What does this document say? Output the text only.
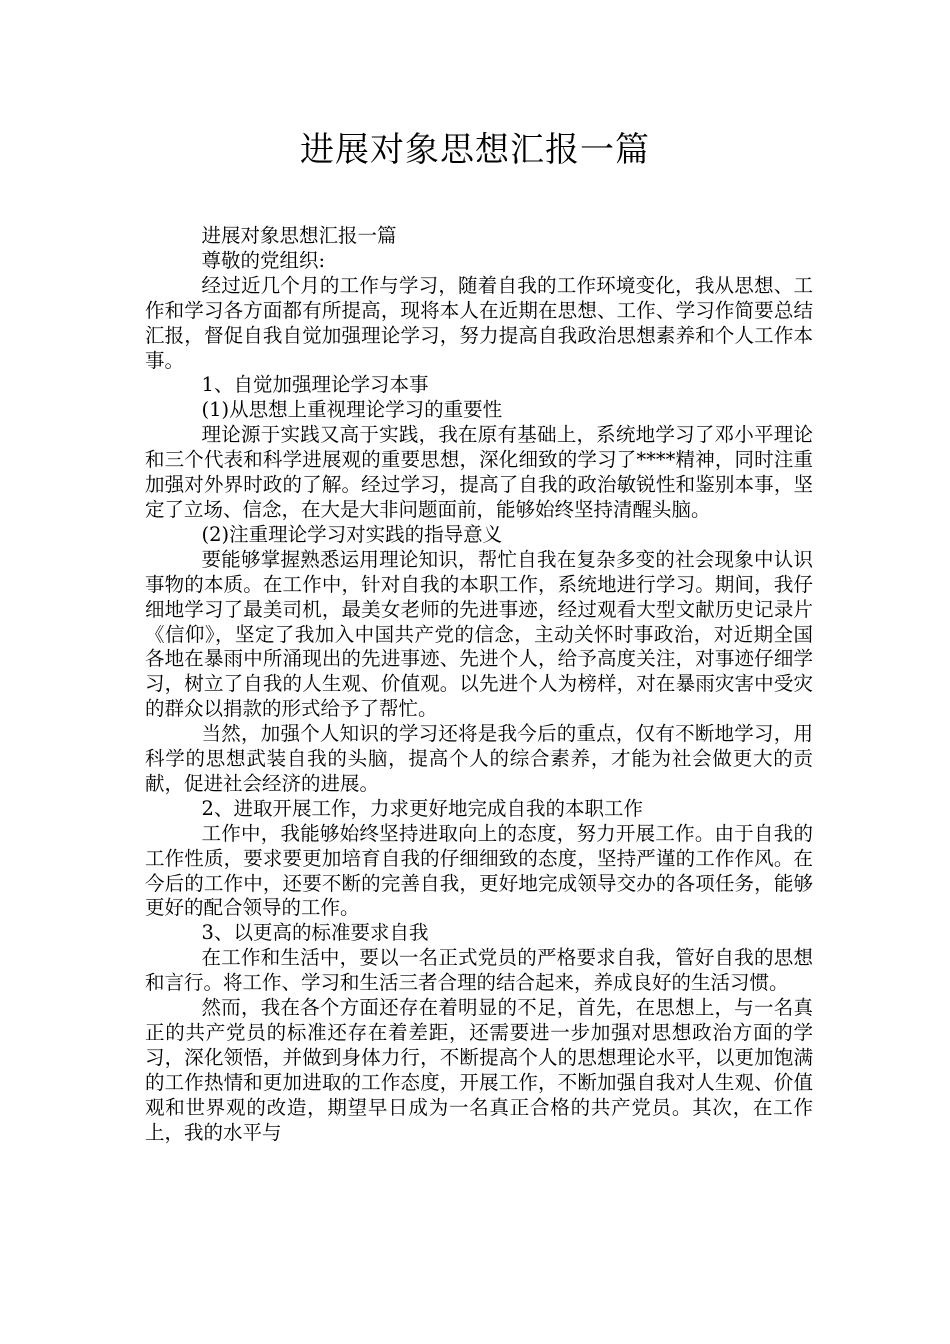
进展对象思想汇报一篇

进展对象思想汇报一篇

尊敬的党组织:

经过近几个月的工作与学习，随着自我的工作环境变化，我从思想、工作和学习各方面都有所提高，现将本人在近期在思想、工作、学习作简要总结汇报，督促自我自觉加强理论学习，努力提高自我政治思想素养和个人工作本事。

1、自觉加强理论学习本事

(1)从思想上重视理论学习的重要性

理论源于实践又高于实践，我在原有基础上，系统地学习了邓小平理论和三个代表和科学进展观的重要思想，深化细致的学习了****精神，同时注重加强对外界时政的了解。经过学习，提高了自我的政治敏锐性和鉴别本事，坚定了立场、信念，在大是大非问题面前，能够始终坚持清醒头脑。

(2)注重理论学习对实践的指导意义

要能够掌握熟悉运用理论知识，帮忙自我在复杂多变的社会现象中认识事物的本质。在工作中，针对自我的本职工作，系统地进行学习。期间，我仔细地学习了最美司机，最美女老师的先进事迹，经过观看大型文献历史记录片《信仰》，坚定了我加入中国共产党的信念，主动关怀时事政治，对近期全国各地在暴雨中所涌现出的先进事迹、先进个人，给予高度关注，对事迹仔细学习，树立了自我的人生观、价值观。以先进个人为榜样，对在暴雨灾害中受灾的群众以捐款的形式给予了帮忙。

当然，加强个人知识的学习还将是我今后的重点，仅有不断地学习，用科学的思想武装自我的头脑，提高个人的综合素养，才能为社会做更大的贡献，促进社会经济的进展。

2、进取开展工作，力求更好地完成自我的本职工作

工作中，我能够始终坚持进取向上的态度，努力开展工作。由于自我的工作性质，要求要更加培育自我的仔细细致的态度，坚持严谨的工作作风。在今后的工作中，还要不断的完善自我，更好地完成领导交办的各项任务，能够更好的配合领导的工作。

3、以更高的标准要求自我

在工作和生活中，要以一名正式党员的严格要求自我，管好自我的思想和言行。将工作、学习和生活三者合理的结合起来，养成良好的生活习惯。

然而，我在各个方面还存在着明显的不足，首先，在思想上，与一名真正的共产党员的标准还存在着差距，还需要进一步加强对思想政治方面的学习，深化领悟，并做到身体力行，不断提高个人的思想理论水平，以更加饱满的工作热情和更加进取的工作态度，开展工作，不断加强自我对人生观、价值观和世界观的改造，期望早日成为一名真正合格的共产党员。其次，在工作上，我的水平与
